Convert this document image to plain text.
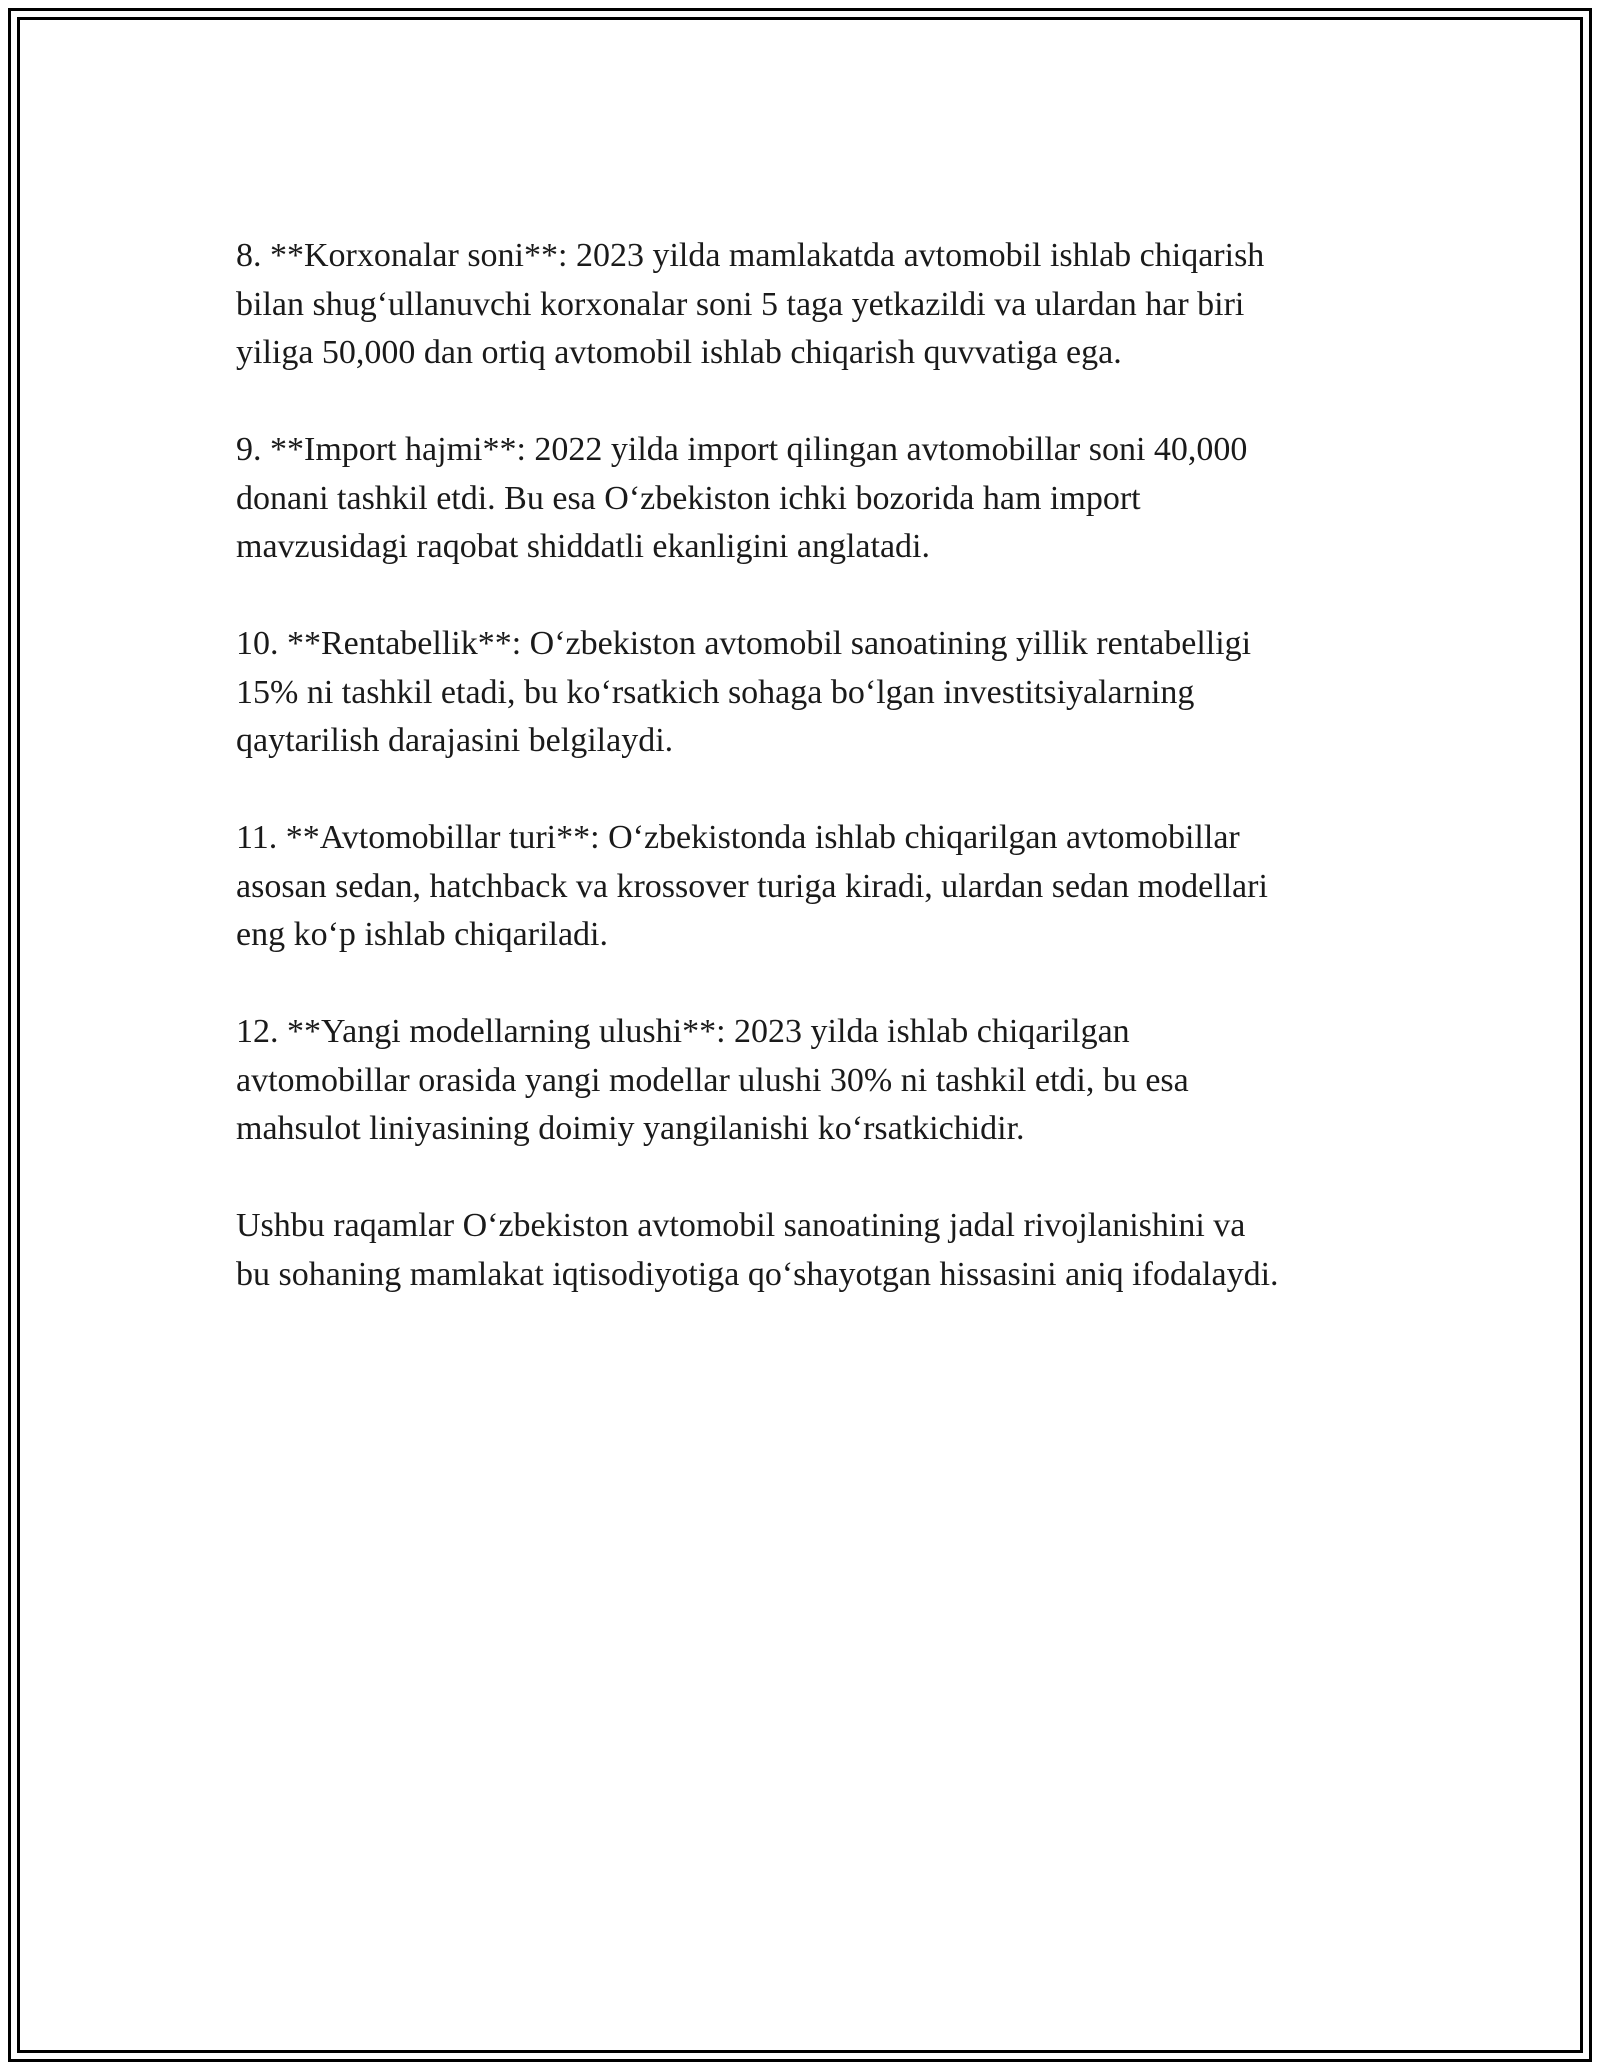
8. **Korxonalar soni**: 2023 yilda mamlakatda avtomobil ishlab chiqarish
bilan shug‘ullanuvchi korxonalar soni 5 taga yetkazildi va ulardan har biri
yiliga 50,000 dan ortiq avtomobil ishlab chiqarish quvvatiga ega.

9. **Import hajmi**: 2022 yilda import qilingan avtomobillar soni 40,000
donani tashkil etdi. Bu esa O‘zbekiston ichki bozorida ham import
mavzusidagi raqobat shiddatli ekanligini anglatadi.

10. **Rentabellik**: O‘zbekiston avtomobil sanoatining yillik rentabelligi
15% ni tashkil etadi, bu ko‘rsatkich sohaga bo‘lgan investitsiyalarning
qaytarilish darajasini belgilaydi.

11. **Avtomobillar turi**: O‘zbekistonda ishlab chiqarilgan avtomobillar
asosan sedan, hatchback va krossover turiga kiradi, ulardan sedan modellari
eng ko‘p ishlab chiqariladi.

12. **Yangi modellarning ulushi**: 2023 yilda ishlab chiqarilgan
avtomobillar orasida yangi modellar ulushi 30% ni tashkil etdi, bu esa
mahsulot liniyasining doimiy yangilanishi ko‘rsatkichidir.

Ushbu raqamlar O‘zbekiston avtomobil sanoatining jadal rivojlanishini va
bu sohaning mamlakat iqtisodiyotiga qo‘shayotgan hissasini aniq ifodalaydi.
